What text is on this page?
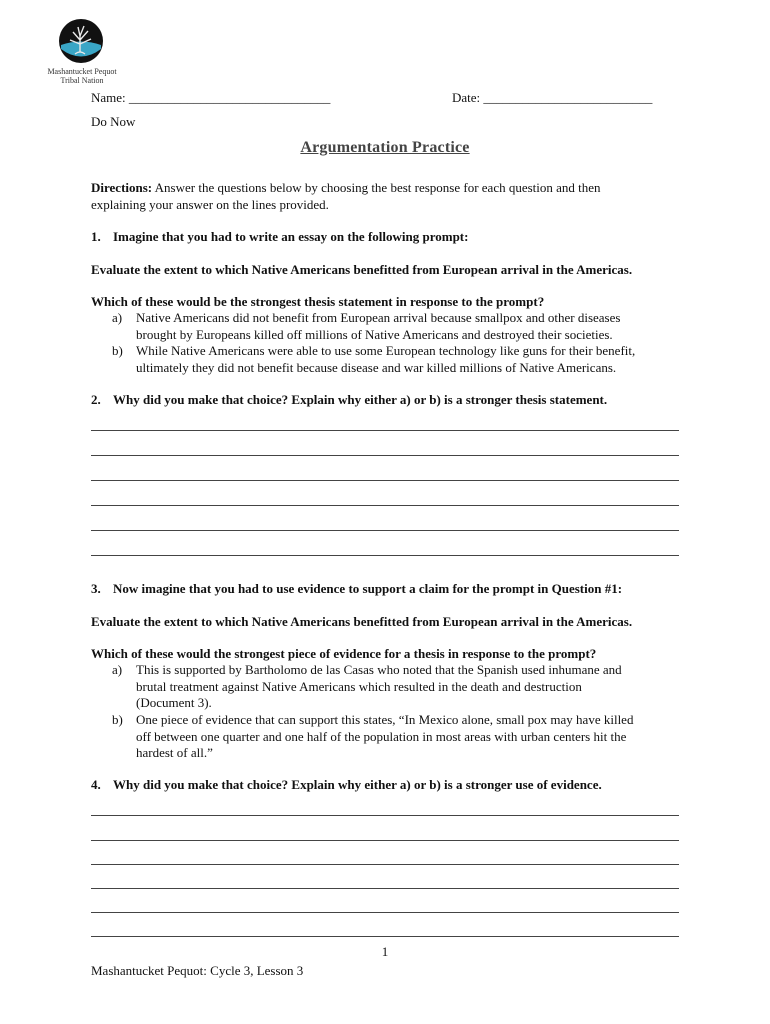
Mashantucket Pequot
Tribal Nation
Name: _______________________________	Date: __________________________
Do Now
Argumentation Practice
Directions: Answer the questions below by choosing the best response for each question and then
explaining your answer on the lines provided.
1. Imagine that you had to write an essay on the following prompt:
Evaluate the extent to which Native Americans benefitted from European arrival in the Americas.
Which of these would be the strongest thesis statement in response to the prompt?
a)	Native Americans did not benefit from European arrival because smallpox and other diseases
brought by Europeans killed off millions of Native Americans and destroyed their societies.
b)	While Native Americans were able to use some European technology like guns for their benefit,
ultimately they did not benefit because disease and war killed millions of Native Americans.
2. Why did you make that choice? Explain why either a) or b) is a stronger thesis statement.
3. Now imagine that you had to use evidence to support a claim for the prompt in Question #1:
Evaluate the extent to which Native Americans benefitted from European arrival in the Americas.
Which of these would the strongest piece of evidence for a thesis in response to the prompt?
a)	This is supported by Bartholomo de las Casas who noted that the Spanish used inhumane and
brutal treatment against Native Americans which resulted in the death and destruction
(Document 3).
b)	One piece of evidence that can support this states, “In Mexico alone, small pox may have killed
off between one quarter and one half of the population in most areas with urban centers hit the
hardest of all.”
4. Why did you make that choice? Explain why either a) or b) is a stronger use of evidence.
1
Mashantucket Pequot: Cycle 3, Lesson 3
